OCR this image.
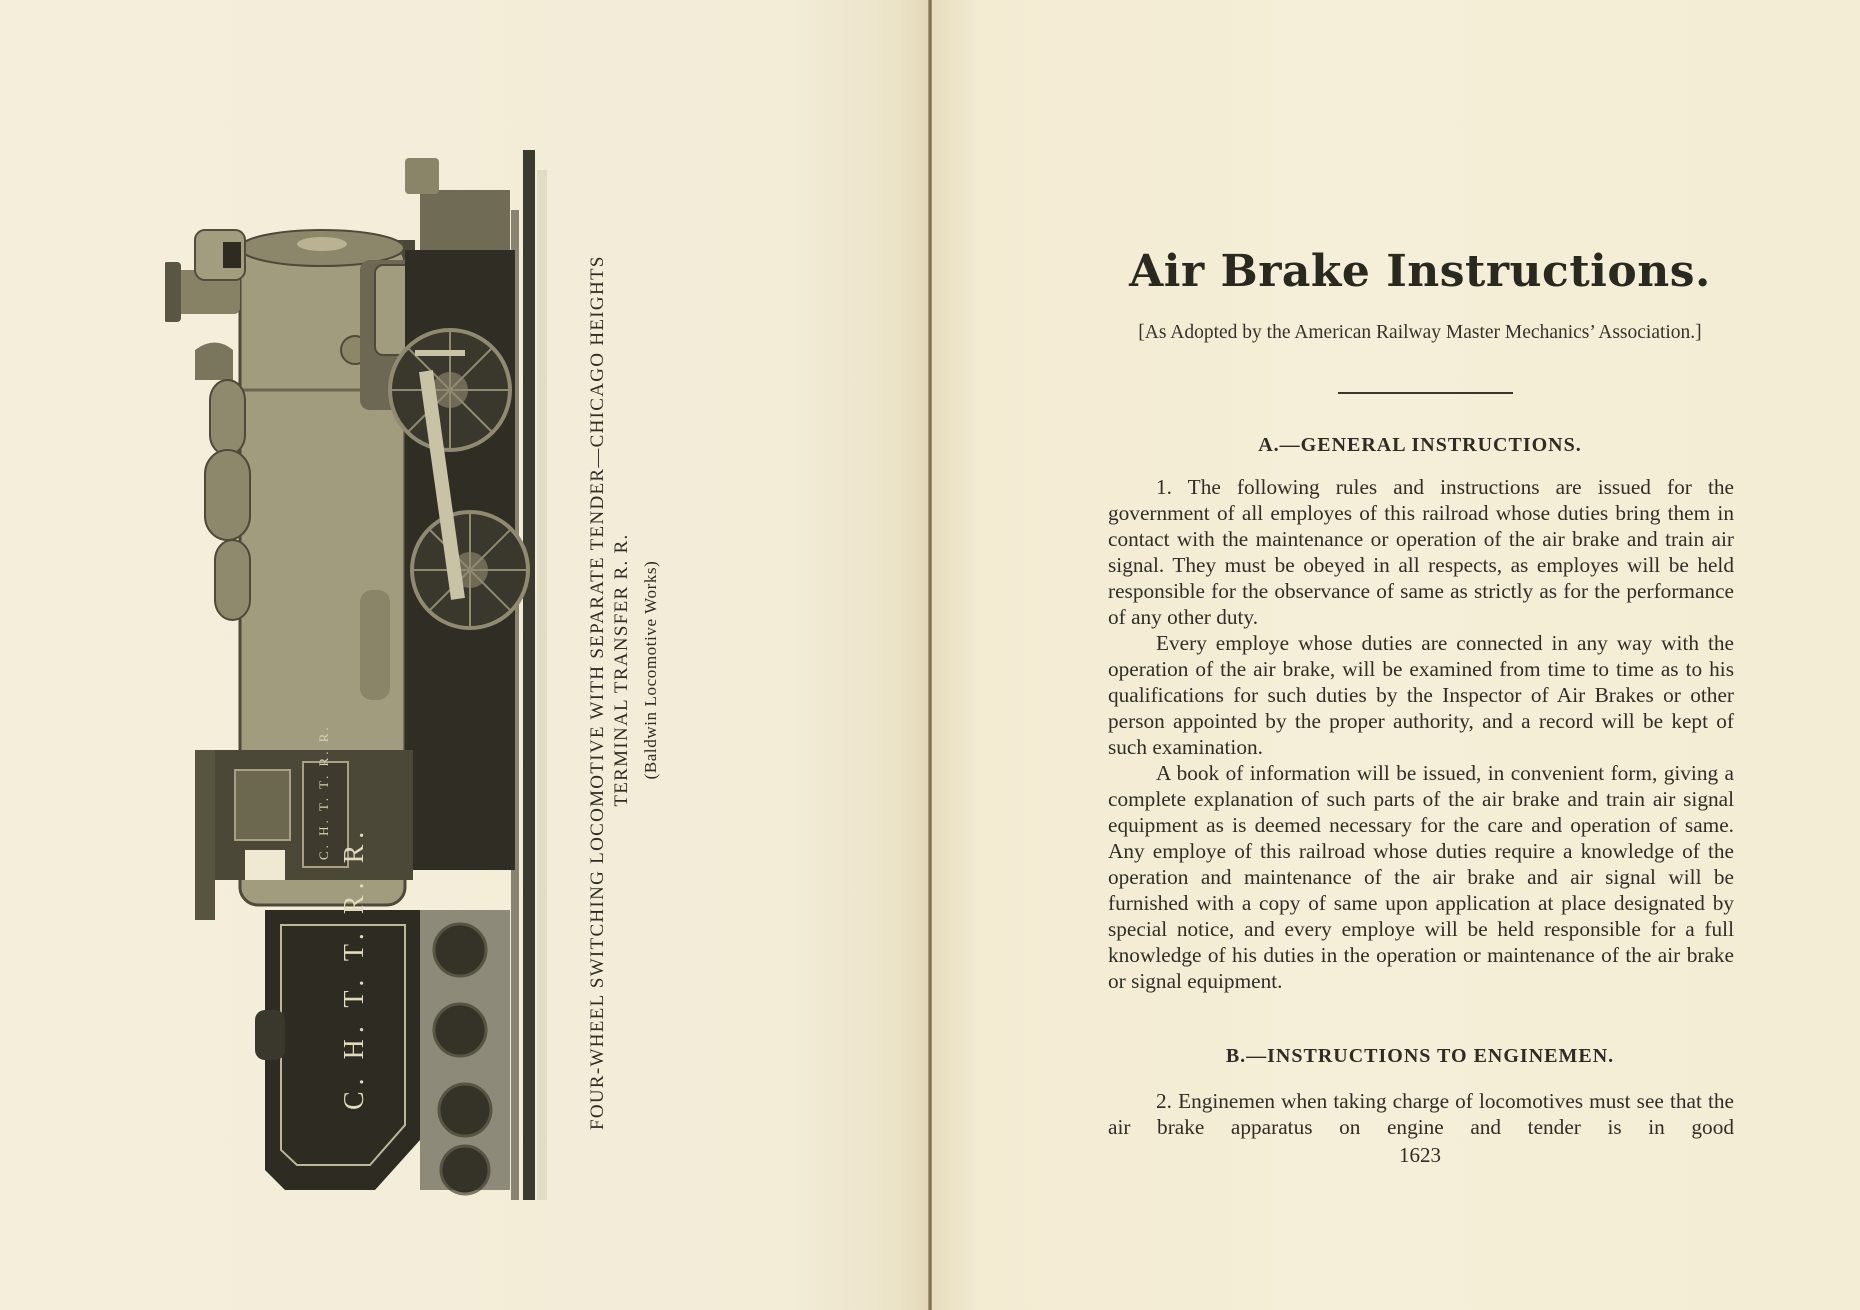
C. H. T. T. R. R.
C. H. T. T. R. R.	FOUR-WHEEL SWITCHING LOCOMOTIVE WITH SEPARATE TENDER—CHICAGO HEIGHTS TERMINAL TRANSFER R. R. (Baldwin Locomotive Works)
Air Brake Instructions.
[As Adopted by the American Railway Master Mechanics’ Association.]
A.—GENERAL INSTRUCTIONS.

1. The following rules and instructions are issued for the government of all employes of this railroad whose duties bring them in contact with the maintenance or operation of the air brake and train air signal. They must be obeyed in all respects, as employes will be held responsible for the observance of same as strictly as for the performance of any other duty.

Every employe whose duties are connected in any way with the operation of the air brake, will be examined from time to time as to his qualifications for such duties by the Inspector of Air Brakes or other person appointed by the proper authority, and a record will be kept of such examination.

A book of information will be issued, in convenient form, giving a complete explanation of such parts of the air brake and train air signal equipment as is deemed necessary for the care and operation of same. Any employe of this railroad whose duties require a knowledge of the operation and maintenance of the air brake and air signal will be furnished with a copy of same upon application at place designated by special notice, and every employe will be held responsible for a full knowledge of his duties in the operation or maintenance of the air brake or signal equipment.

B.—INSTRUCTIONS TO ENGINEMEN.

2. Enginemen when taking charge of locomotives must see that the air brake apparatus on engine and tender is in good

1623
